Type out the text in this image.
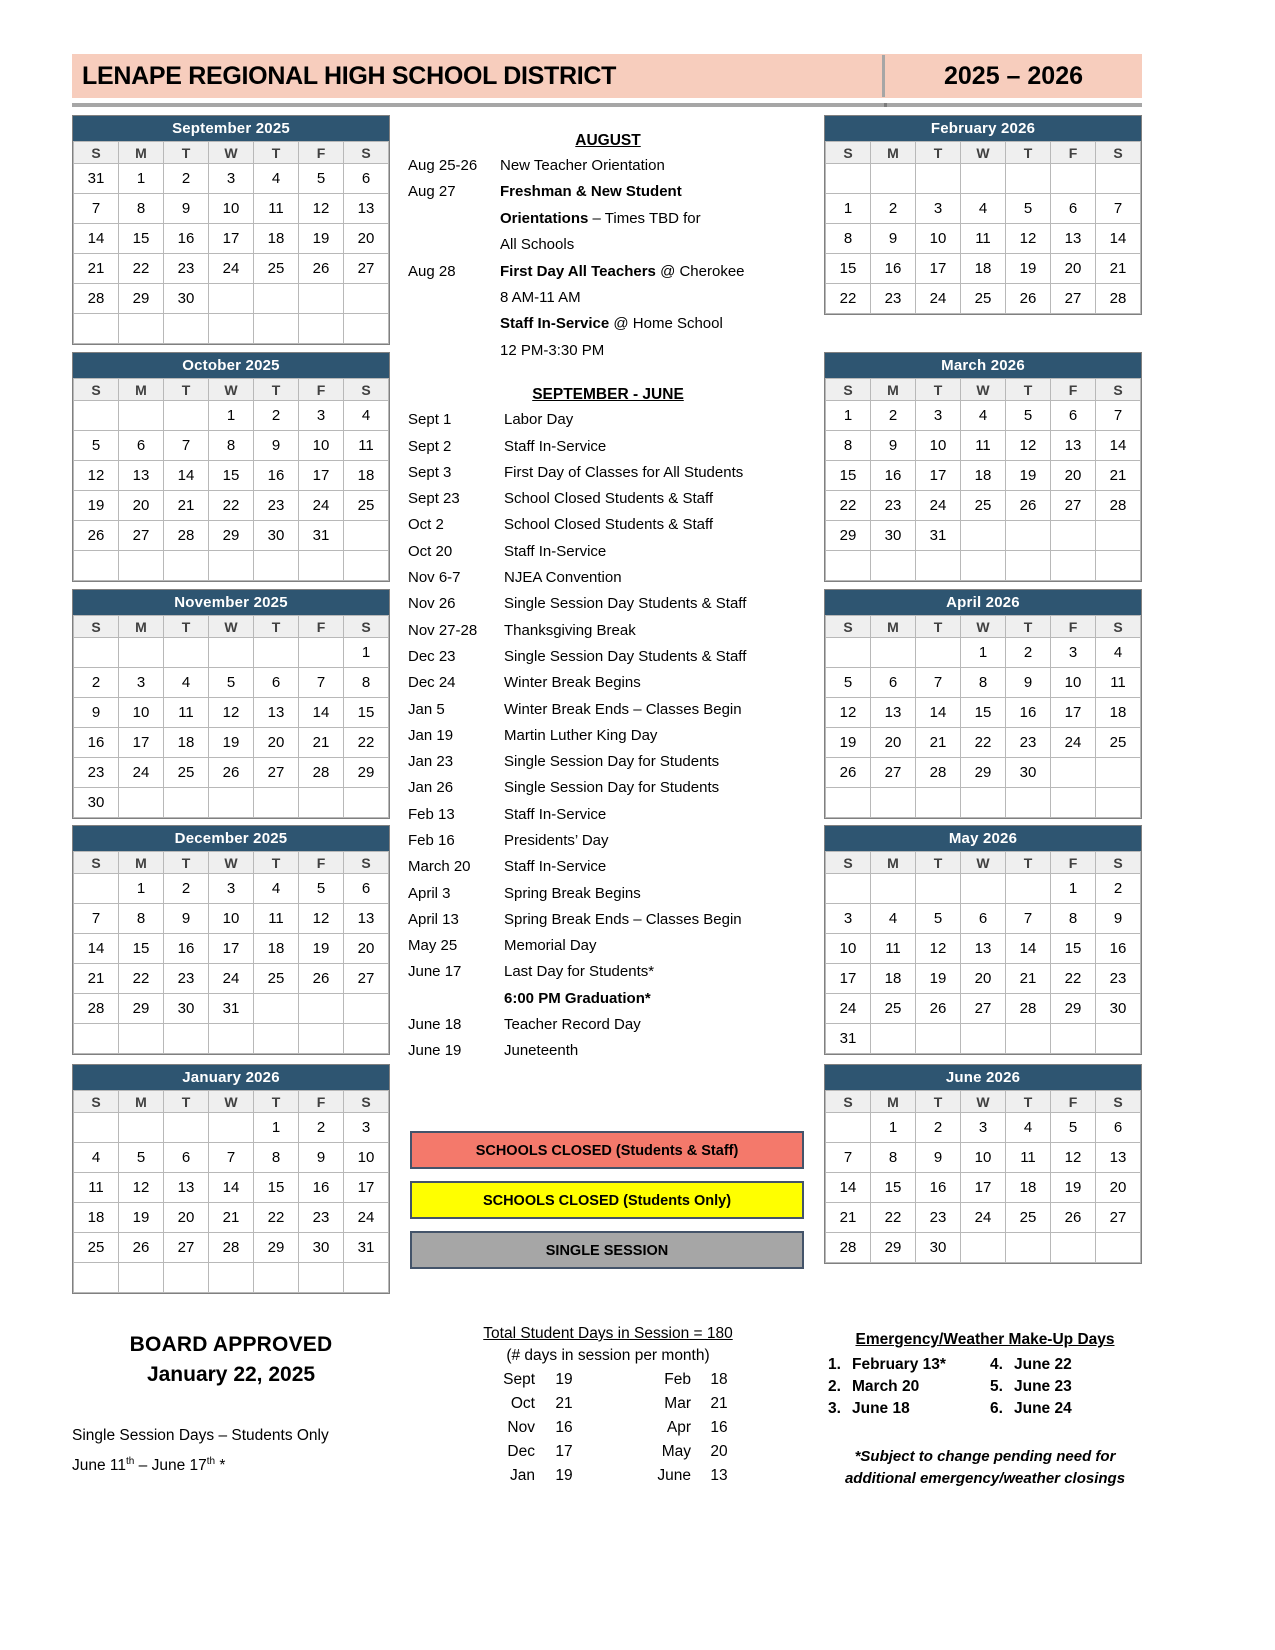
LENAPE REGIONAL HIGH SCHOOL DISTRICT	2025 – 2026
September 2025
S	M	T	W	T	F	S
31	1	2	3	4	5	6
7	8	9	10	11	12	13
14	15	16	17	18	19	20
21	22	23	24	25	26	27
28	29	30				

October 2025
S	M	T	W	T	F	S
			1	2	3	4
5	6	7	8	9	10	11
12	13	14	15	16	17	18
19	20	21	22	23	24	25
26	27	28	29	30	31	

November 2025
S	M	T	W	T	F	S
						1
2	3	4	5	6	7	8
9	10	11	12	13	14	15
16	17	18	19	20	21	22
23	24	25	26	27	28	29
30						
December 2025
S	M	T	W	T	F	S
	1	2	3	4	5	6
7	8	9	10	11	12	13
14	15	16	17	18	19	20
21	22	23	24	25	26	27
28	29	30	31			

January 2026
S	M	T	W	T	F	S
				1	2	3
4	5	6	7	8	9	10
11	12	13	14	15	16	17
18	19	20	21	22	23	24
25	26	27	28	29	30	31

February 2026
S	M	T	W	T	F	S

1	2	3	4	5	6	7
8	9	10	11	12	13	14
15	16	17	18	19	20	21
22	23	24	25	26	27	28
March 2026
S	M	T	W	T	F	S
1	2	3	4	5	6	7
8	9	10	11	12	13	14
15	16	17	18	19	20	21
22	23	24	25	26	27	28
29	30	31				

April 2026
S	M	T	W	T	F	S
			1	2	3	4
5	6	7	8	9	10	11
12	13	14	15	16	17	18
19	20	21	22	23	24	25
26	27	28	29	30		

May 2026
S	M	T	W	T	F	S
					1	2
3	4	5	6	7	8	9
10	11	12	13	14	15	16
17	18	19	20	21	22	23
24	25	26	27	28	29	30
31						
June 2026
S	M	T	W	T	F	S
	1	2	3	4	5	6
7	8	9	10	11	12	13
14	15	16	17	18	19	20
21	22	23	24	25	26	27
28	29	30				
AUGUST
Aug 25-26	New Teacher Orientation
Aug 27	Freshman & New Student
Orientations – Times TBD for
All Schools
Aug 28	First Day All Teachers @ Cherokee
8 AM-11 AM
Staff In-Service @ Home School
12 PM-3:30 PM
SEPTEMBER - JUNE
Sept 1	Labor Day
Sept 2	Staff In-Service
Sept 3	First Day of Classes for All Students
Sept 23	School Closed Students & Staff
Oct 2	School Closed Students & Staff
Oct 20	Staff In-Service
Nov 6-7	NJEA Convention
Nov 26	Single Session Day Students & Staff
Nov 27-28	Thanksgiving Break
Dec 23	Single Session Day Students & Staff
Dec 24	Winter Break Begins
Jan 5	Winter Break Ends – Classes Begin
Jan 19	Martin Luther King Day
Jan 23	Single Session Day for Students
Jan 26	Single Session Day for Students
Feb 13	Staff In-Service
Feb 16	Presidents’ Day
March 20	Staff In-Service
April 3	Spring Break Begins
April 13	Spring Break Ends – Classes Begin
May 25	Memorial Day
June 17	Last Day for Students*
6:00 PM Graduation*
June 18	Teacher Record Day
June 19	Juneteenth
SCHOOLS CLOSED (Students & Staff)
SCHOOLS CLOSED (Students Only)
SINGLE SESSION
BOARD APPROVED
January 22, 2025
Single Session Days – Students Only
June 11th – June 17th *
Total Student Days in Session = 180
(# days in session per month)
Sept	19		Feb	18
Oct	21		Mar	21
Nov	16		Apr	16
Dec	17		May	20
Jan	19		June	13
Emergency/Weather Make-Up Days
1.	February 13*	4.	June 22
2.	March 20	5.	June 23
3.	June 18	6.	June 24
*Subject to change pending need for additional emergency/weather closings
